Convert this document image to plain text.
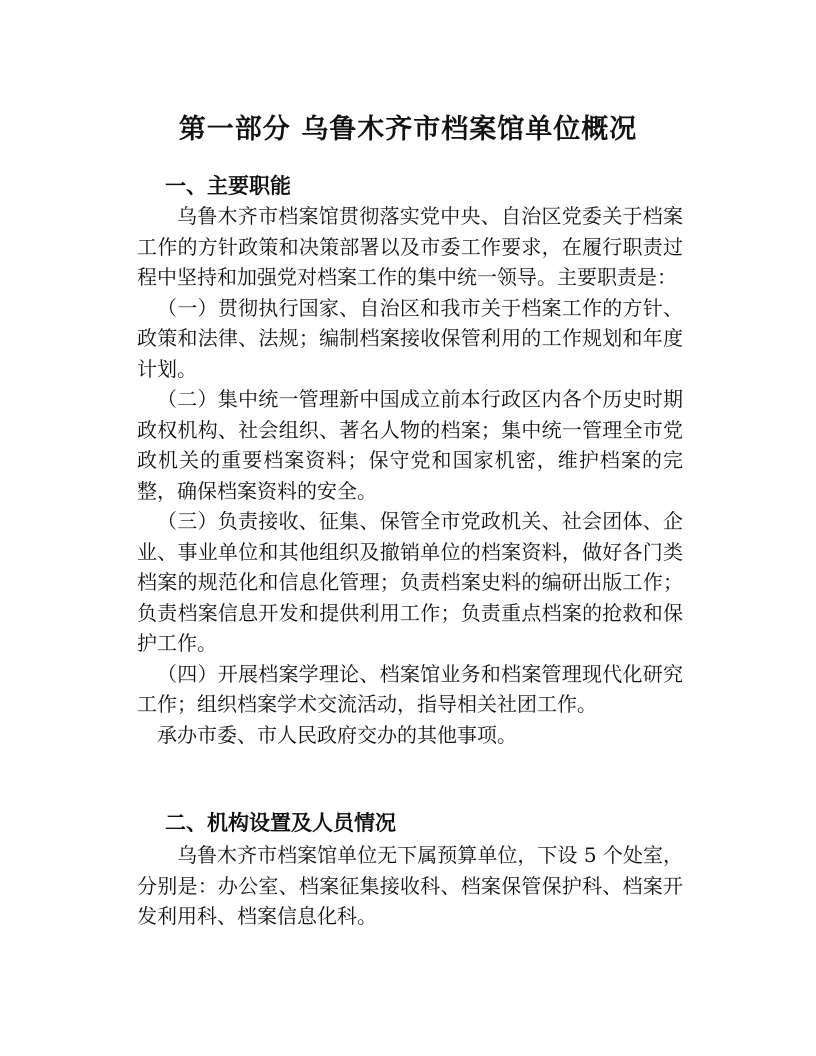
第一部分 乌鲁木齐市档案馆单位概况
一、主要职能

乌鲁木齐市档案馆贯彻落实党中央、自治区党委关于档案工作的方针政策和决策部署以及市委工作要求，在履行职责过程中坚持和加强党对档案工作的集中统一领导。主要职责是：

（一）贯彻执行国家、自治区和我市关于档案工作的方针、政策和法律、法规；编制档案接收保管利用的工作规划和年度计划。

（二）集中统一管理新中国成立前本行政区内各个历史时期政权机构、社会组织、著名人物的档案；集中统一管理全市党政机关的重要档案资料；保守党和国家机密，维护档案的完整，确保档案资料的安全。

（三）负责接收、征集、保管全市党政机关、社会团体、企业、事业单位和其他组织及撤销单位的档案资料，做好各门类档案的规范化和信息化管理；负责档案史料的编研出版工作；负责档案信息开发和提供利用工作；负责重点档案的抢救和保护工作。

（四）开展档案学理论、档案馆业务和档案管理现代化研究工作；组织档案学术交流活动，指导相关社团工作。

承办市委、市人民政府交办的其他事项。

二、机构设置及人员情况

乌鲁木齐市档案馆单位无下属预算单位，下设 5 个处室，分别是：办公室、档案征集接收科、档案保管保护科、档案开发利用科、档案信息化科。
